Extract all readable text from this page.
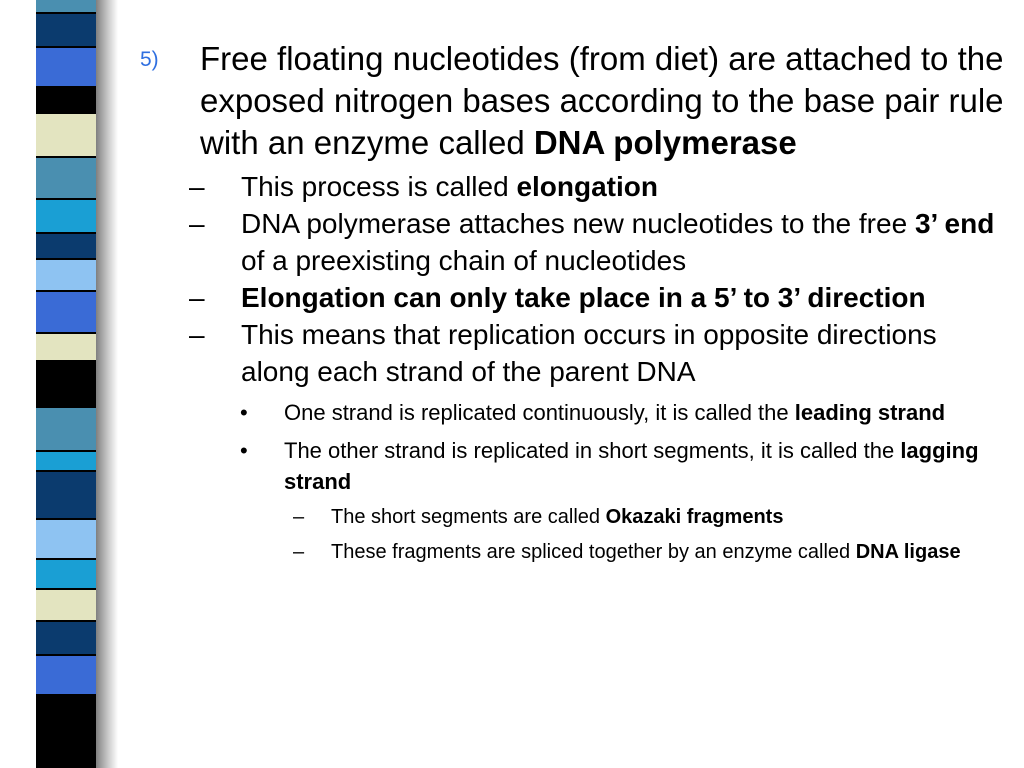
5) Free floating nucleotides (from diet) are attached to the exposed nitrogen bases according to the base pair rule with an enzyme called DNA polymerase
– This process is called elongation
– DNA polymerase attaches new nucleotides to the free 3’ end of a preexisting chain of nucleotides
– Elongation can only take place in a 5’ to 3’ direction
– This means that replication occurs in opposite directions along each strand of the parent DNA
• One strand is replicated continuously, it is called the leading strand
• The other strand is replicated in short segments, it is called the lagging strand
– The short segments are called Okazaki fragments
– These fragments are spliced together by an enzyme called DNA ligase
